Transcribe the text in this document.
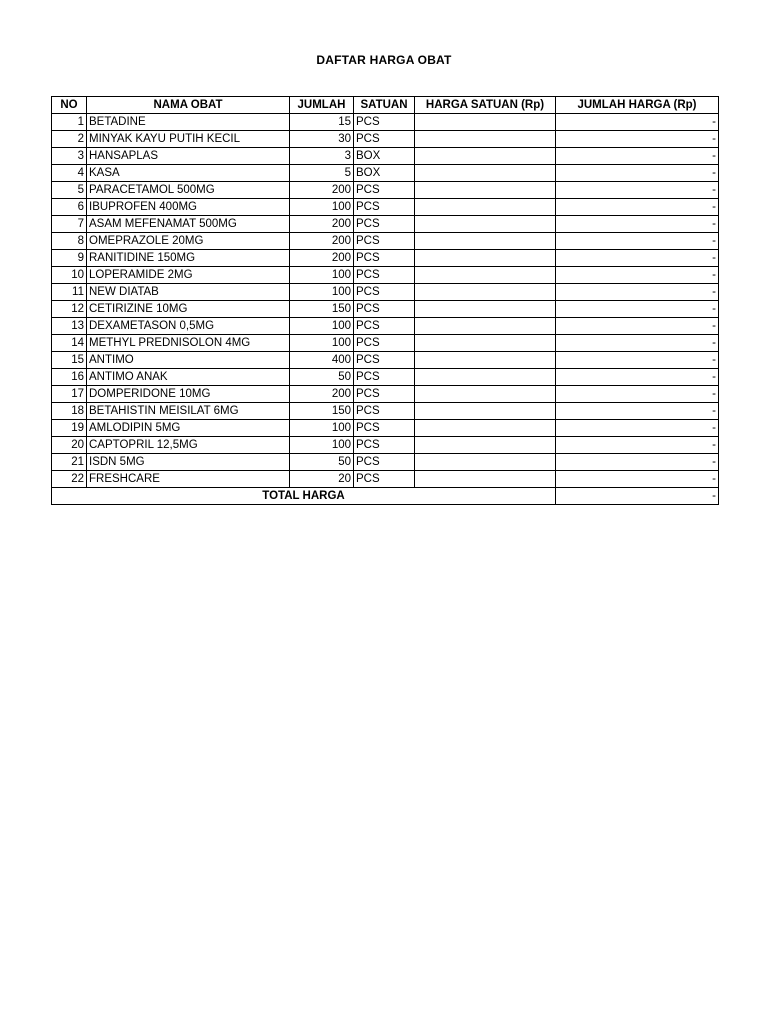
DAFTAR HARGA OBAT
NO	NAMA OBAT	JUMLAH	SATUAN	HARGA SATUAN (Rp)	JUMLAH HARGA (Rp)
1	BETADINE	15	PCS		-
2	MINYAK KAYU PUTIH KECIL	30	PCS		-
3	HANSAPLAS	3	BOX		-
4	KASA	5	BOX		-
5	PARACETAMOL 500MG	200	PCS		-
6	IBUPROFEN 400MG	100	PCS		-
7	ASAM MEFENAMAT 500MG	200	PCS		-
8	OMEPRAZOLE 20MG	200	PCS		-
9	RANITIDINE 150MG	200	PCS		-
10	LOPERAMIDE 2MG	100	PCS		-
11	NEW DIATAB	100	PCS		-
12	CETIRIZINE 10MG	150	PCS		-
13	DEXAMETASON 0,5MG	100	PCS		-
14	METHYL PREDNISOLON 4MG	100	PCS		-
15	ANTIMO	400	PCS		-
16	ANTIMO ANAK	50	PCS		-
17	DOMPERIDONE 10MG	200	PCS		-
18	BETAHISTIN MEISILAT 6MG	150	PCS		-
19	AMLODIPIN 5MG	100	PCS		-
20	CAPTOPRIL 12,5MG	100	PCS		-
21	ISDN 5MG	50	PCS		-
22	FRESHCARE	20	PCS		-
TOTAL HARGA					-
